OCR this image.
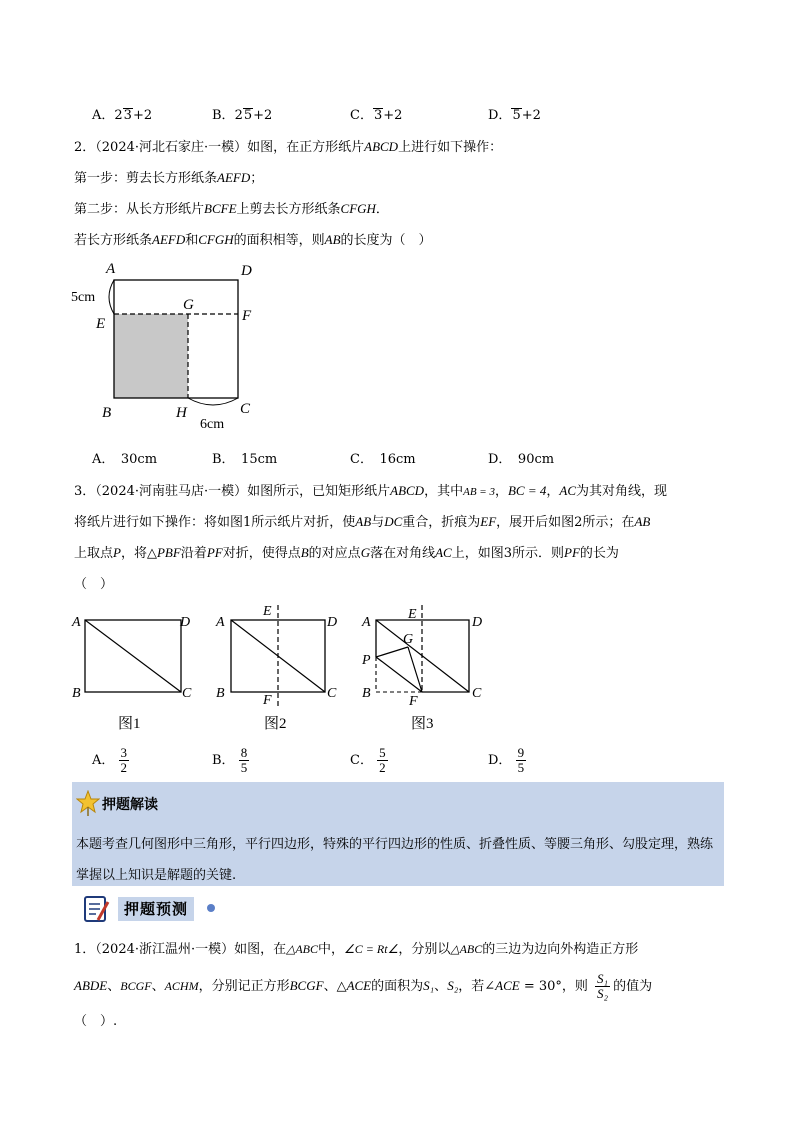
A．23+2	B．25+2	C．3+2	D．5+2
2．（2024·河北石家庄·一模）如图，在正方形纸片ABCD上进行如下操作：
第一步：剪去长方形纸条AEFD；
第二步：从长方形纸片BCFE上剪去长方形纸条CFGH．
若长方形纸条AEFD和CFGH的面积相等，则AB的长度为（　）
A	D
5cm
E
G
F
B	H	C
6cm
A．　30cm	B．　15cm	C．　16cm	D．　90cm
3．（2024·河南驻马店·一模）如图所示，已知矩形纸片ABCD，其中AB = 3，BC = 4，AC为其对角线，现
将纸片进行如下操作：将如图1所示纸片对折，使AB与DC重合，折痕为EF，展开后如图2所示；在AB
上取点P，将△PBF沿着PF对折，使得点B的对应点G落在对角线AC上，如图3所示．则PF的长为
（　）
A	D
B	C
图1
A
E
D
B	F	C
图2
A
E
D
G
P
B
F
C
图3
A． $\frac{3}{2}$	B． $\frac{8}{5}$	C． $\frac{5}{2}$	D． $\frac{9}{5}$
押题解读
本题考查几何图形中三角形，平行四边形，特殊的平行四边形的性质、折叠性质、等腰三角形、勾股定理，熟练掌握以上知识是解题的关键.
押题预测
1．（2024·浙江温州·一模）如图，在△ABC中，∠C = Rt∠，分别以△ABC的三边为边向外构造正方形
ABDE、BCGF、ACHM，分别记正方形BCGF、△ACE的面积为S₁、S₂，若∠ACE = 30°，则 $\frac{\text{S₁}}{\text{S₂}}$ 的值为
（　）.
